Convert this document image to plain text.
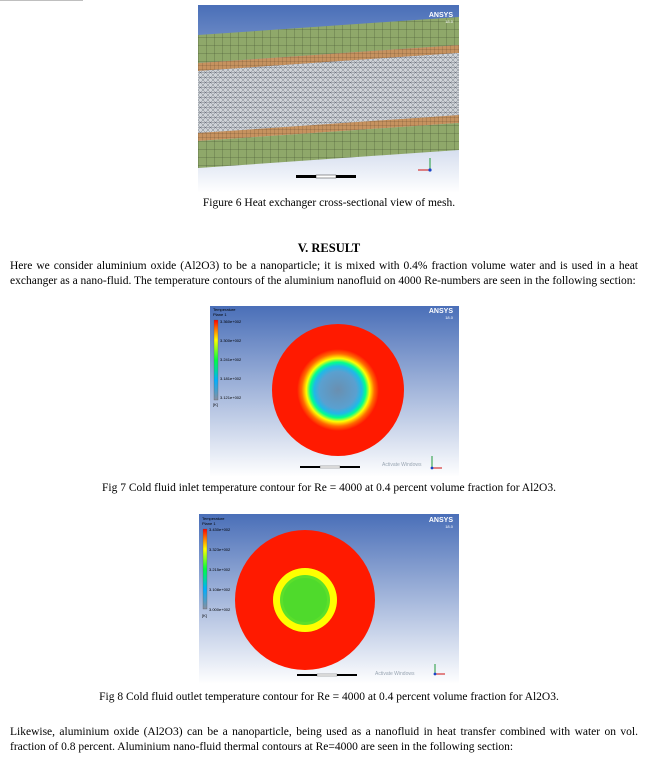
ANSYS
18.0
Figure 6 Heat exchanger cross-sectional view of mesh.
V. RESULT
Here we consider aluminium oxide (Al2O3) to be a nanoparticle; it is mixed with 0.4% fraction volume water and is used in a heat exchanger as a nano-fluid. The temperature contours of the aluminium nanofluid on 4000 Re-numbers are seen in the following section:
ANSYS
18.0
Temperature
Plane 1
3.360e+002
3.300e+002
3.241e+002
3.181e+002
3.121e+002
[K]
Activate Windows
Fig 7 Cold fluid inlet temperature contour for Re = 4000 at 0.4 percent volume fraction for Al2O3.
ANSYS
18.0
Temperature
Plane 1
3.430e+002
3.323e+002
3.215e+002
3.108e+002
3.000e+002
[K]
Activate Windows
Fig 8 Cold fluid outlet temperature contour for Re = 4000 at 0.4 percent volume fraction for Al2O3.
Likewise, aluminium oxide (Al2O3) can be a nanoparticle, being used as a nanofluid in heat transfer combined with water on vol. fraction of 0.8 percent. Aluminium nano-fluid thermal contours at Re=4000 are seen in the following section:
